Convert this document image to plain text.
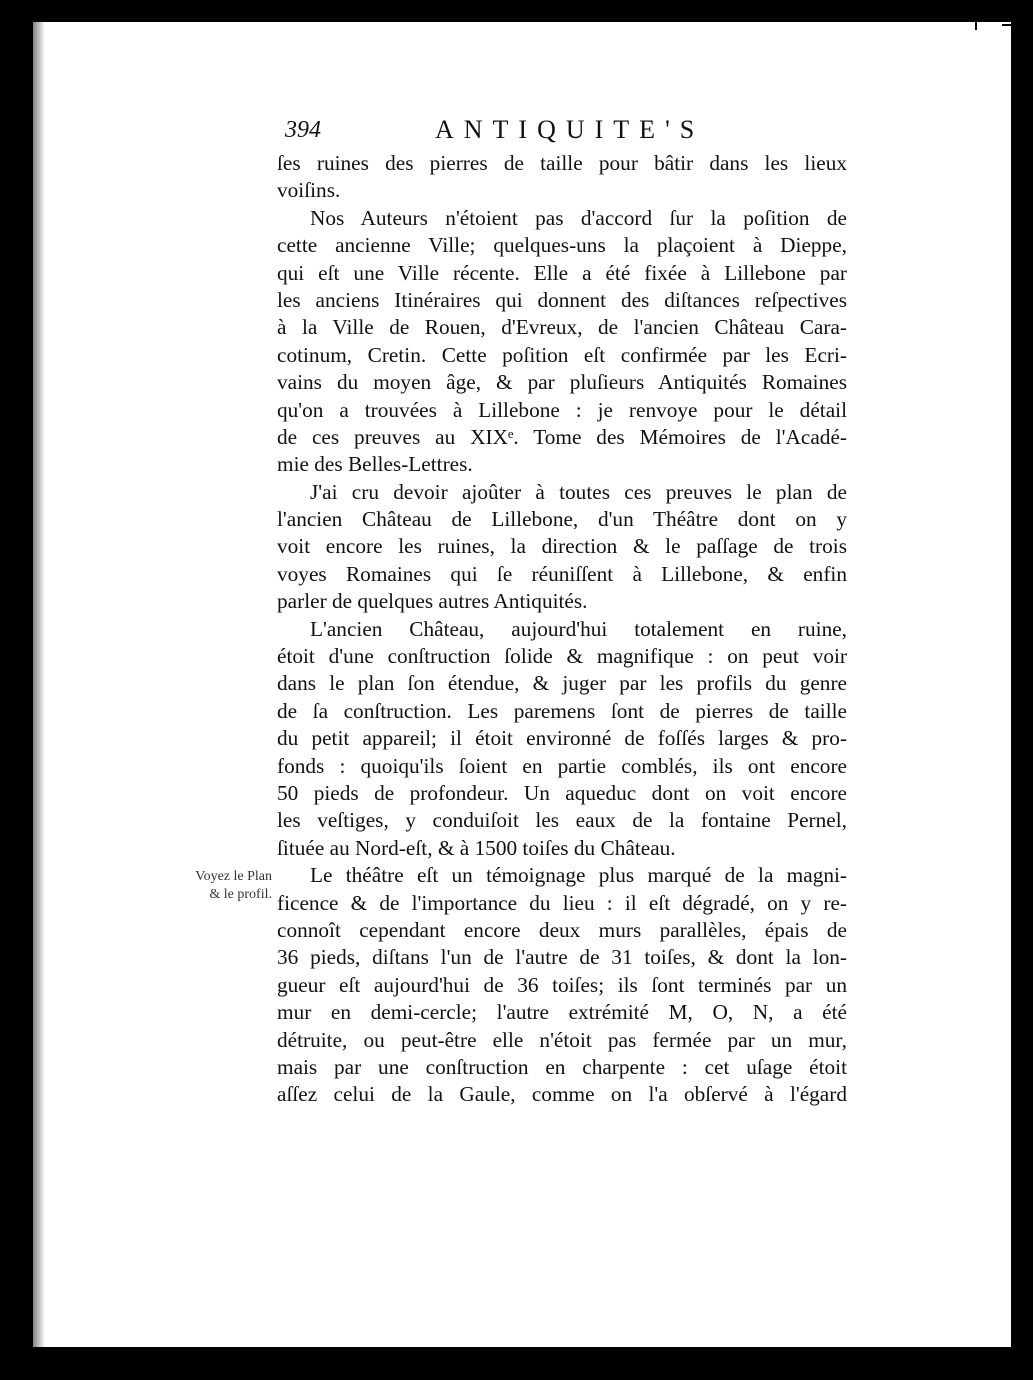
394	ANTIQUITE'S
ſes ruines des pierres de taille pour bâtir dans les lieux
voiſins.
Nos Auteurs n'étoient pas d'accord ſur la poſition de
cette ancienne Ville; quelques-uns la plaçoient à Dieppe,
qui eſt une Ville récente. Elle a été fixée à Lillebone par
les anciens Itinéraires qui donnent des diſtances reſpectives
à la Ville de Rouen, d'Evreux, de l'ancien Château Cara-
cotinum, Cretin. Cette poſition eſt confirmée par les Ecri-
vains du moyen âge, & par pluſieurs Antiquités Romaines
qu'on a trouvées à Lillebone : je renvoye pour le détail
de ces preuves au XIXᵉ. Tome des Mémoires de l'Acadé-
mie des Belles-Lettres.
J'ai cru devoir ajoûter à toutes ces preuves le plan de
l'ancien Château de Lillebone, d'un Théâtre dont on y
voit encore les ruines, la direction & le paſſage de trois
voyes Romaines qui ſe réuniſſent à Lillebone, & enfin
parler de quelques autres Antiquités.
L'ancien Château, aujourd'hui totalement en ruine,
étoit d'une conſtruction ſolide & magnifique : on peut voir
dans le plan ſon étendue, & juger par les profils du genre
de ſa conſtruction. Les paremens ſont de pierres de taille
du petit appareil; il étoit environné de foſſés larges & pro-
fonds : quoiqu'ils ſoient en partie comblés, ils ont encore
50 pieds de profondeur. Un aqueduc dont on voit encore
les veſtiges, y conduiſoit les eaux de la fontaine Pernel,
ſituée au Nord-eſt, & à 1500 toiſes du Château.
Le théâtre eſt un témoignage plus marqué de la magni-
ficence & de l'importance du lieu : il eſt dégradé, on y re-
connoît cependant encore deux murs parallèles, épais de
36 pieds, diſtans l'un de l'autre de 31 toiſes, & dont la lon-
gueur eſt aujourd'hui de 36 toiſes; ils ſont terminés par un
mur en demi-cercle; l'autre extrémité M, O, N, a été
détruite, ou peut-être elle n'étoit pas fermée par un mur,
mais par une conſtruction en charpente : cet uſage étoit
aſſez celui de la Gaule, comme on l'a obſervé à l'égard
Voyez le Plan
& le profil.
